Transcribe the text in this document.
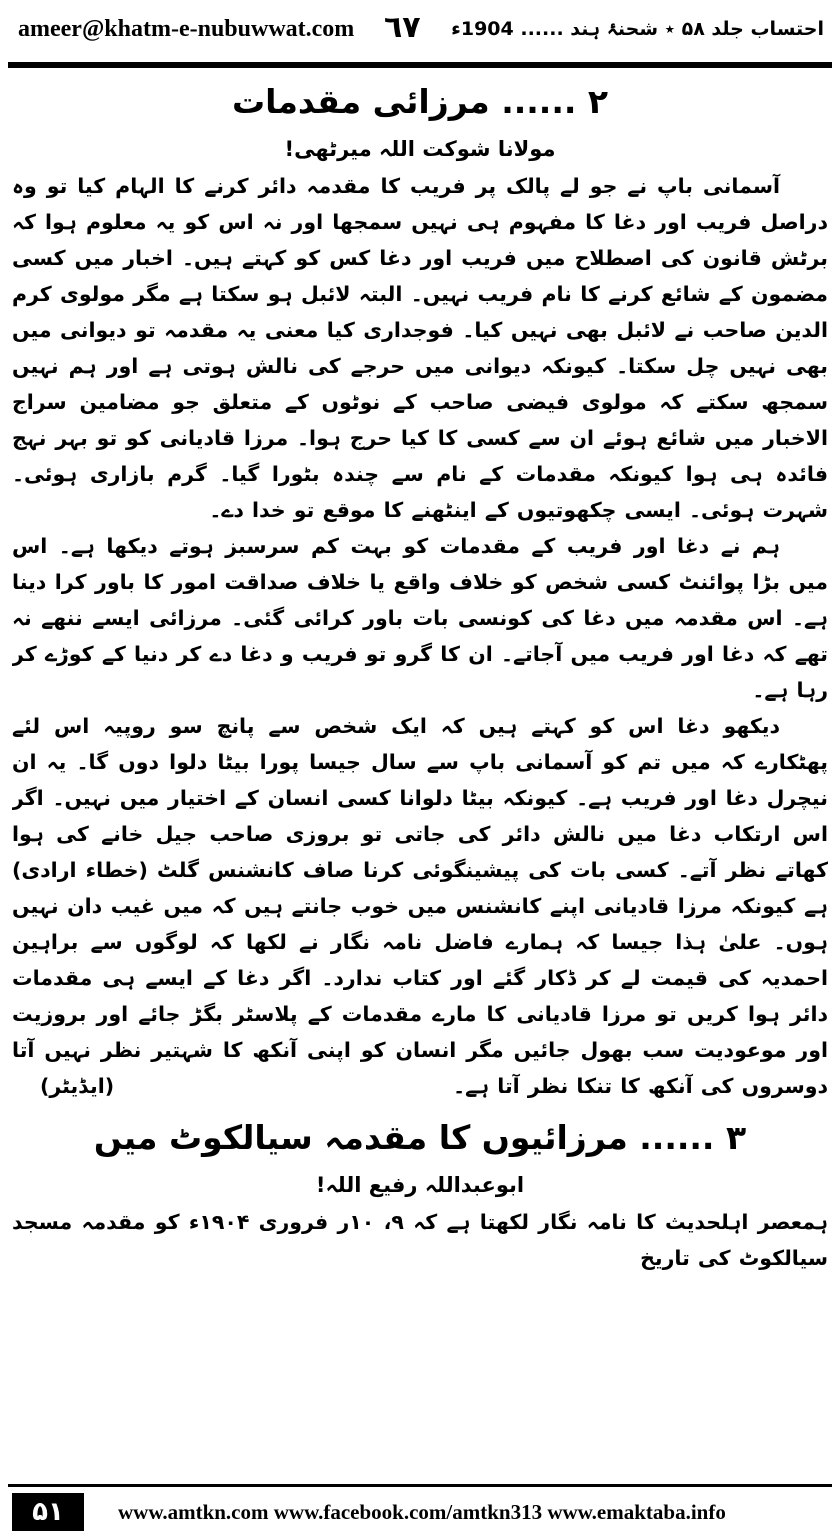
ameer@khatm-e-nubuwwat.com ٦٧ احتساب جلد ۵۸ ٭ شحنۂ ہند ...... 1904ء
۲ ...... مرزائی مقدمات

مولانا شوکت اللہ میرٹھی!

آسمانی باپ نے جو لے پالک پر فریب کا مقدمہ دائر کرنے کا الہام کیا تو وہ دراصل فریب اور دغا کا مفہوم ہی نہیں سمجھا اور نہ اس کو یہ معلوم ہوا کہ برٹش قانون کی اصطلاح میں فریب اور دغا کس کو کہتے ہیں۔ اخبار میں کسی مضمون کے شائع کرنے کا نام فریب نہیں۔ البتہ لائبل ہو سکتا ہے مگر مولوی کرم الدین صاحب نے لائبل بھی نہیں کیا۔ فوجداری کیا معنی یہ مقدمہ تو دیوانی میں بھی نہیں چل سکتا۔ کیونکہ دیوانی میں حرجے کی نالش ہوتی ہے اور ہم نہیں سمجھ سکتے کہ مولوی فیضی صاحب کے نوٹوں کے متعلق جو مضامین سراج الاخبار میں شائع ہوئے ان سے کسی کا کیا حرج ہوا۔ مرزا قادیانی کو تو بہر نہج فائدہ ہی ہوا کیونکہ مقدمات کے نام سے چندہ بٹورا گیا۔ گرم بازاری ہوئی۔ شہرت ہوئی۔ ایسی چکھوتیوں کے اینٹھنے کا موقع تو خدا دے۔

ہم نے دغا اور فریب کے مقدمات کو بہت کم سرسبز ہوتے دیکھا ہے۔ اس میں بڑا پوائنٹ کسی شخص کو خلاف واقع یا خلاف صداقت امور کا باور کرا دینا ہے۔ اس مقدمہ میں دغا کی کونسی بات باور کرائی گئی۔ مرزائی ایسے ننھے نہ تھے کہ دغا اور فریب میں آجاتے۔ ان کا گرو تو فریب و دغا دے کر دنیا کے کوڑے کر رہا ہے۔

دیکھو دغا اس کو کہتے ہیں کہ ایک شخص سے پانچ سو روپیہ اس لئے پھٹکارے کہ میں تم کو آسمانی باپ سے سال جیسا پورا بیٹا دلوا دوں گا۔ یہ ان نیچرل دغا اور فریب ہے۔ کیونکہ بیٹا دلوانا کسی انسان کے اختیار میں نہیں۔ اگر اس ارتکاب دغا میں نالش دائر کی جاتی تو بروزی صاحب جیل خانے کی ہوا کھاتے نظر آتے۔ کسی بات کی پیشینگوئی کرنا صاف کانشنس گلٹ (خطاء ارادی) ہے کیونکہ مرزا قادیانی اپنے کانشنس میں خوب جانتے ہیں کہ میں غیب دان نہیں ہوں۔ علیٰ ہذا جیسا کہ ہمارے فاضل نامہ نگار نے لکھا کہ لوگوں سے براہین احمدیہ کی قیمت لے کر ڈکار گئے اور کتاب ندارد۔ اگر دغا کے ایسے ہی مقدمات دائر ہوا کریں تو مرزا قادیانی کا مارے مقدمات کے پلاسٹر بگڑ جائے اور بروزیت اور موعودیت سب بھول جائیں مگر انسان کو اپنی آنکھ کا شہتیر نظر نہیں آتا دوسروں کی آنکھ کا تنکا نظر آتا ہے۔
(ایڈیٹر)

۳ ...... مرزائیوں کا مقدمہ سیالکوٹ میں

ابوعبداللہ رفیع اللہ!

ہمعصر اہلحدیث کا نامہ نگار لکھتا ہے کہ ۹، ۱۰ر فروری ۱۹۰۴ء کو مقدمہ مسجد سیالکوٹ کی تاریخ

۵۱	www.amtkn.com www.facebook.com/amtkn313 www.emaktaba.info
